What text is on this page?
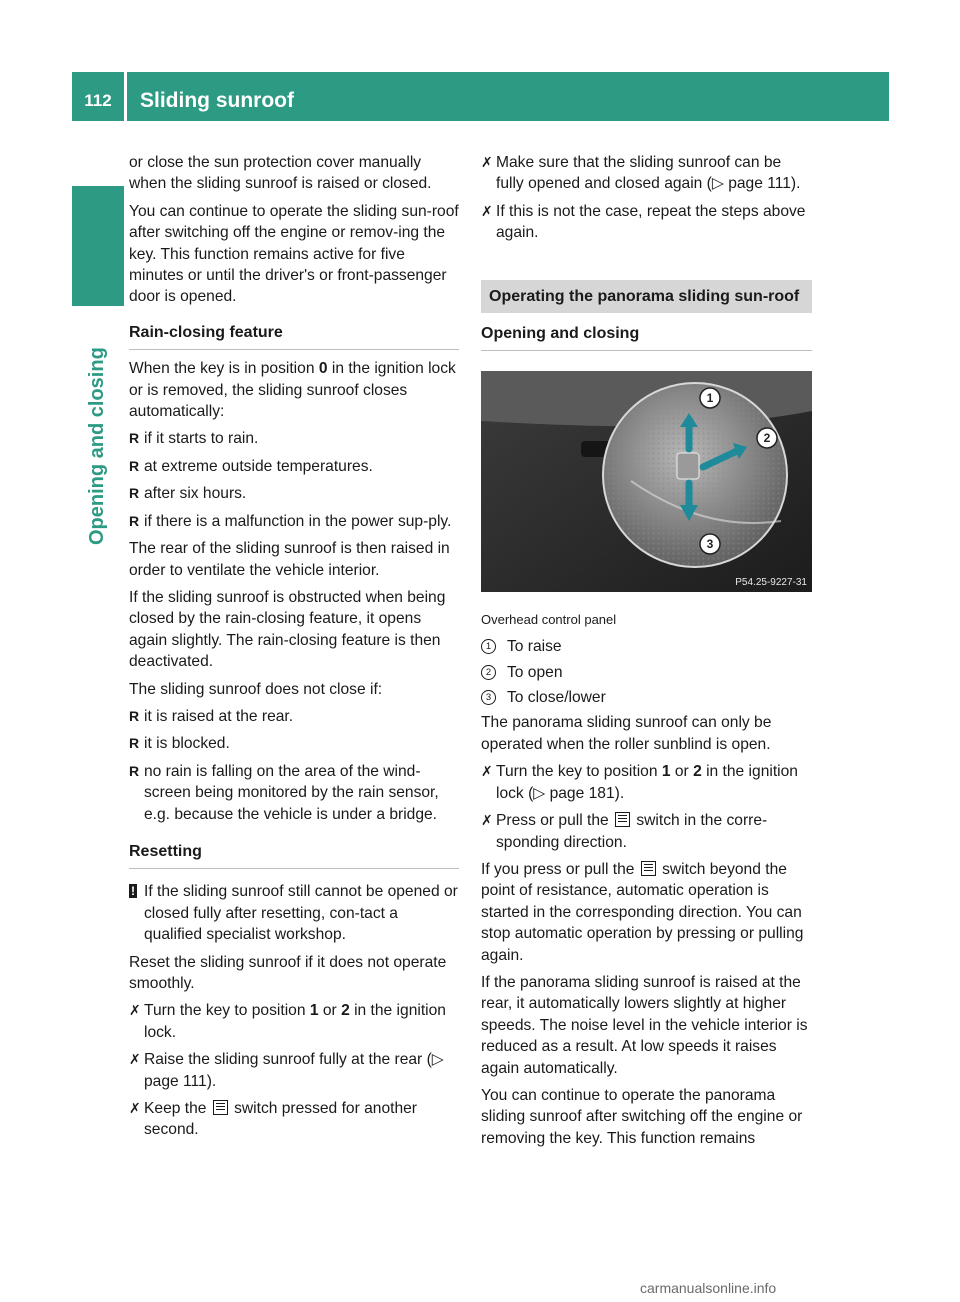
112	Sliding sunroof
Opening and closing

or close the sun protection cover manually when the sliding sunroof is raised or closed.

You can continue to operate the sliding sun-roof after switching off the engine or remov-ing the key. This function remains active for five minutes or until the driver's or front-passenger door is opened.

Rain-closing feature

When the key is in position 0 in the ignition lock or is removed, the sliding sunroof closes automatically:

R if it starts to rain.
R at extreme outside temperatures.
R after six hours.
R if there is a malfunction in the power sup-ply.

The rear of the sliding sunroof is then raised in order to ventilate the vehicle interior.

If the sliding sunroof is obstructed when being closed by the rain-closing feature, it opens again slightly. The rain-closing feature is then deactivated.

The sliding sunroof does not close if:

R it is raised at the rear.
R it is blocked.
R no rain is falling on the area of the wind-screen being monitored by the rain sensor, e.g. because the vehicle is under a bridge.
Resetting
! If the sliding sunroof still cannot be opened or closed fully after resetting, con-tact a qualified specialist workshop.

Reset the sliding sunroof if it does not operate smoothly.

✗ Turn the key to position 1 or 2 in the ignition lock.
✗ Raise the sliding sunroof fully at the rear (▷ page 111).
✗ Keep the  switch pressed for another second.
✗ Make sure that the sliding sunroof can be fully opened and closed again (▷ page 111).
✗ If this is not the case, repeat the steps above again.
Operating the panorama sliding sun-roof
Opening and closing
1
2
3
P54.25-9227-31
Overhead control panel
1	To raise
2	To open
3	To close/lower

The panorama sliding sunroof can only be operated when the roller sunblind is open.

✗ Turn the key to position 1 or 2 in the ignition lock (▷ page 181).
✗ Press or pull the  switch in the corre-sponding direction.

If you press or pull the  switch beyond the point of resistance, automatic operation is started in the corresponding direction. You can stop automatic operation by pressing or pulling again.

If the panorama sliding sunroof is raised at the rear, it automatically lowers slightly at higher speeds. The noise level in the vehicle interior is reduced as a result. At low speeds it raises again automatically.

You can continue to operate the panorama sliding sunroof after switching off the engine or removing the key. This function remains

carmanualsonline.info
